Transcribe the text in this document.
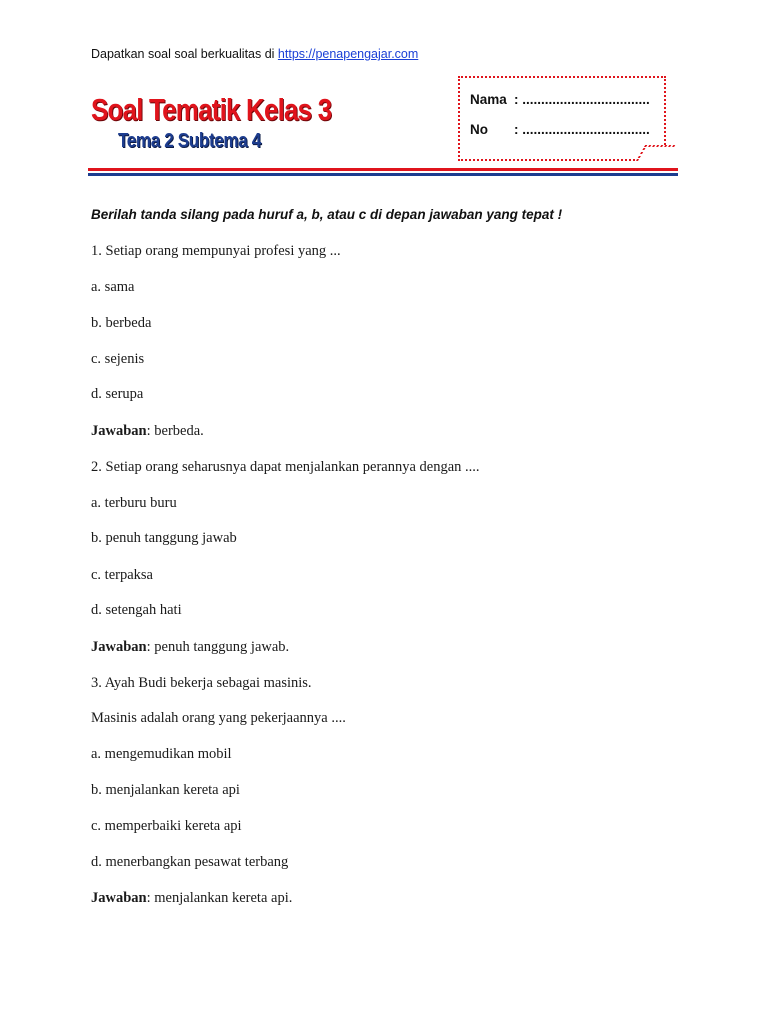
Dapatkan soal soal berkualitas di https://penapengajar.com
Soal Tematik Kelas 3
Tema 2 Subtema 4
Nama : ..................................
No : ..................................
Berilah tanda silang pada huruf a, b, atau c di depan jawaban yang tepat !
1. Setiap orang mempunyai profesi yang ...
a. sama
b. berbeda
c. sejenis
d. serupa
Jawaban: berbeda.
2. Setiap orang seharusnya dapat menjalankan perannya dengan ....
a. terburu buru
b. penuh tanggung jawab
c. terpaksa
d. setengah hati
Jawaban: penuh tanggung jawab.
3. Ayah Budi bekerja sebagai masinis.
Masinis adalah orang yang pekerjaannya ....
a. mengemudikan mobil
b. menjalankan kereta api
c. memperbaiki kereta api
d. menerbangkan pesawat terbang
Jawaban: menjalankan kereta api.
